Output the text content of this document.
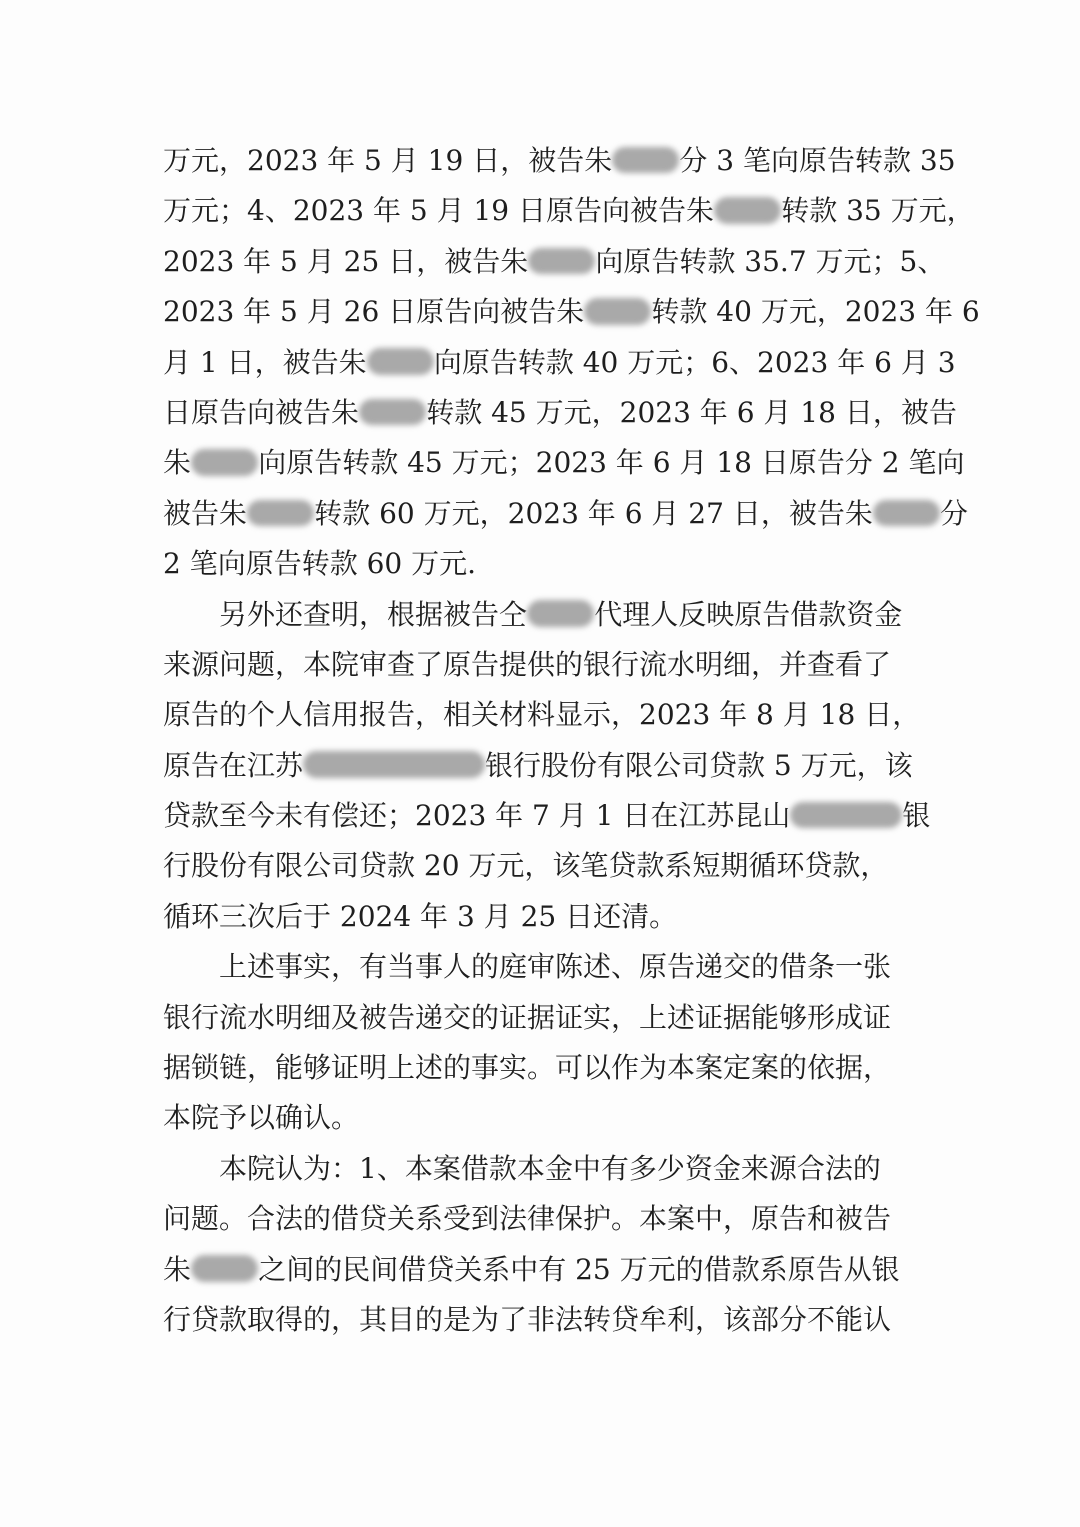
万元，2023 年 5 月 19 日，被告朱 分 3 笔向原告转款 35
万元；4、2023 年 5 月 19 日原告向被告朱 转款 35 万元，
2023 年 5 月 25 日，被告朱 向原告转款 35.7 万元；5、
2023 年 5 月 26 日原告向被告朱 转款 40 万元，2023 年 6
月 1 日，被告朱 向原告转款 40 万元；6、2023 年 6 月 3
日原告向被告朱 转款 45 万元，2023 年 6 月 18 日，被告
朱 向原告转款 45 万元；2023 年 6 月 18 日原告分 2 笔向
被告朱 转款 60 万元，2023 年 6 月 27 日，被告朱 分
2 笔向原告转款 60 万元.
另外还查明，根据被告仝 代理人反映原告借款资金
来源问题，本院审查了原告提供的银行流水明细，并查看了
原告的个人信用报告，相关材料显示，2023 年 8 月 18 日，
原告在江苏	银行股份有限公司贷款 5 万元，该
贷款至今未有偿还；2023 年 7 月 1 日在江苏昆山	银
行股份有限公司贷款 20 万元，该笔贷款系短期循环贷款，
循环三次后于 2024 年 3 月 25 日还清。
上述事实，有当事人的庭审陈述、原告递交的借条一张
银行流水明细及被告递交的证据证实，上述证据能够形成证
据锁链，能够证明上述的事实。可以作为本案定案的依据，
本院予以确认。
本院认为：1、本案借款本金中有多少资金来源合法的
问题。合法的借贷关系受到法律保护。本案中，原告和被告
朱 之间的民间借贷关系中有 25 万元的借款系原告从银
行贷款取得的，其目的是为了非法转贷牟利，该部分不能认
